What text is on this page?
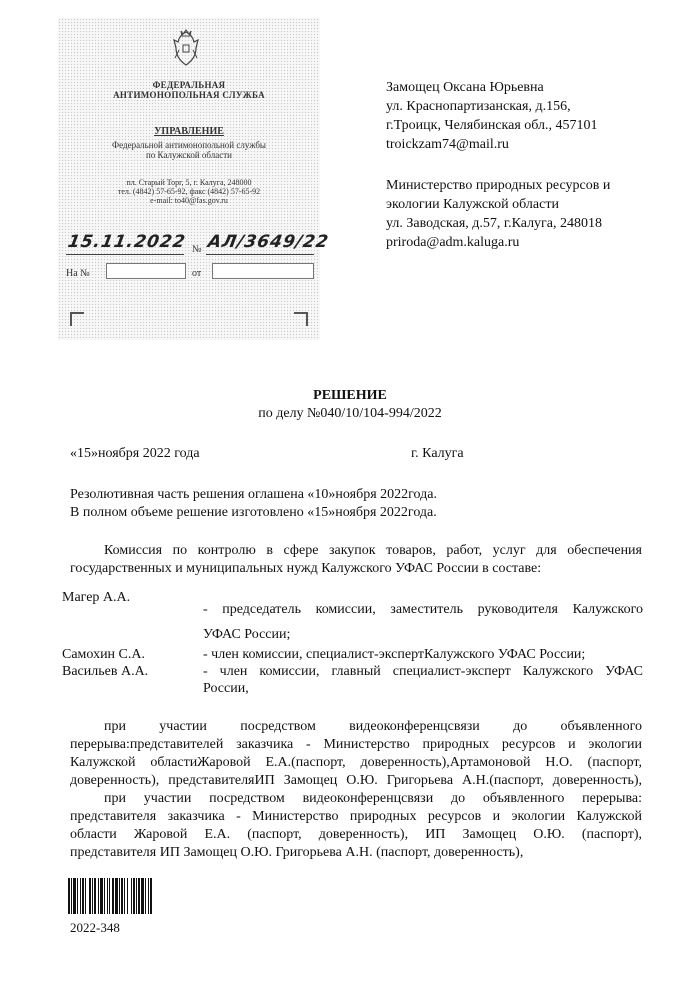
ФЕДЕРАЛЬНАЯ
АНТИМОНОПОЛЬНАЯ СЛУЖБА
УПРАВЛЕНИЕ
Федеральной антимонопольной службы
по Калужской области
пл. Старый Торг, 5, г. Калуга, 248000
тел. (4842) 57-65-92, факс (4842) 57-65-92
e-mail: to40@fas.gov.ru
15.11.2022 № АЛ/3649/22
На №	от
Замощец Оксана Юрьевна
ул. Краснопартизанская, д.156,
г.Троицк, Челябинская обл., 457101
troickzam74@mail.ru
Министерство природных ресурсов и
экологии Калужской области
ул. Заводская, д.57, г.Калуга, 248018
priroda@adm.kaluga.ru
РЕШЕНИЕ
по делу №040/10/104-994/2022
«15»ноября 2022 года	г. Калуга
Резолютивная часть решения оглашена «10»ноября 2022года.
В полном объеме решение изготовлено «15»ноября 2022года.
Комиссия по контролю в сфере закупок товаров, работ, услуг для обеспечения
государственных и муниципальных нужд Калужского УФАС России в составе:
Магер А.А.
- председатель комиссии, заместитель руководителя Калужского
УФАС России;
Самохин С.А.	- член комиссии, специалист-экспертКалужского УФАС России;
Васильев А.А.	- член комиссии, главный специалист-эксперт Калужского УФАС
России,
при участии посредством видеоконференцсвязи до объявленного
перерыва:представителей заказчика - Министерство природных ресурсов и экологии
Калужской областиЖаровой Е.А.(паспорт, доверенность),Артамоновой Н.О. (паспорт,
доверенность), представителяИП Замощец О.Ю. Григорьева А.Н.(паспорт, доверенность),
при участии посредством видеоконференцсвязи до объявленного перерыва:
представителя заказчика - Министерство природных ресурсов и экологии Калужской
области Жаровой Е.А. (паспорт, доверенность), ИП Замощец О.Ю. (паспорт),
представителя ИП Замощец О.Ю. Григорьева А.Н. (паспорт, доверенность),
2022-348
